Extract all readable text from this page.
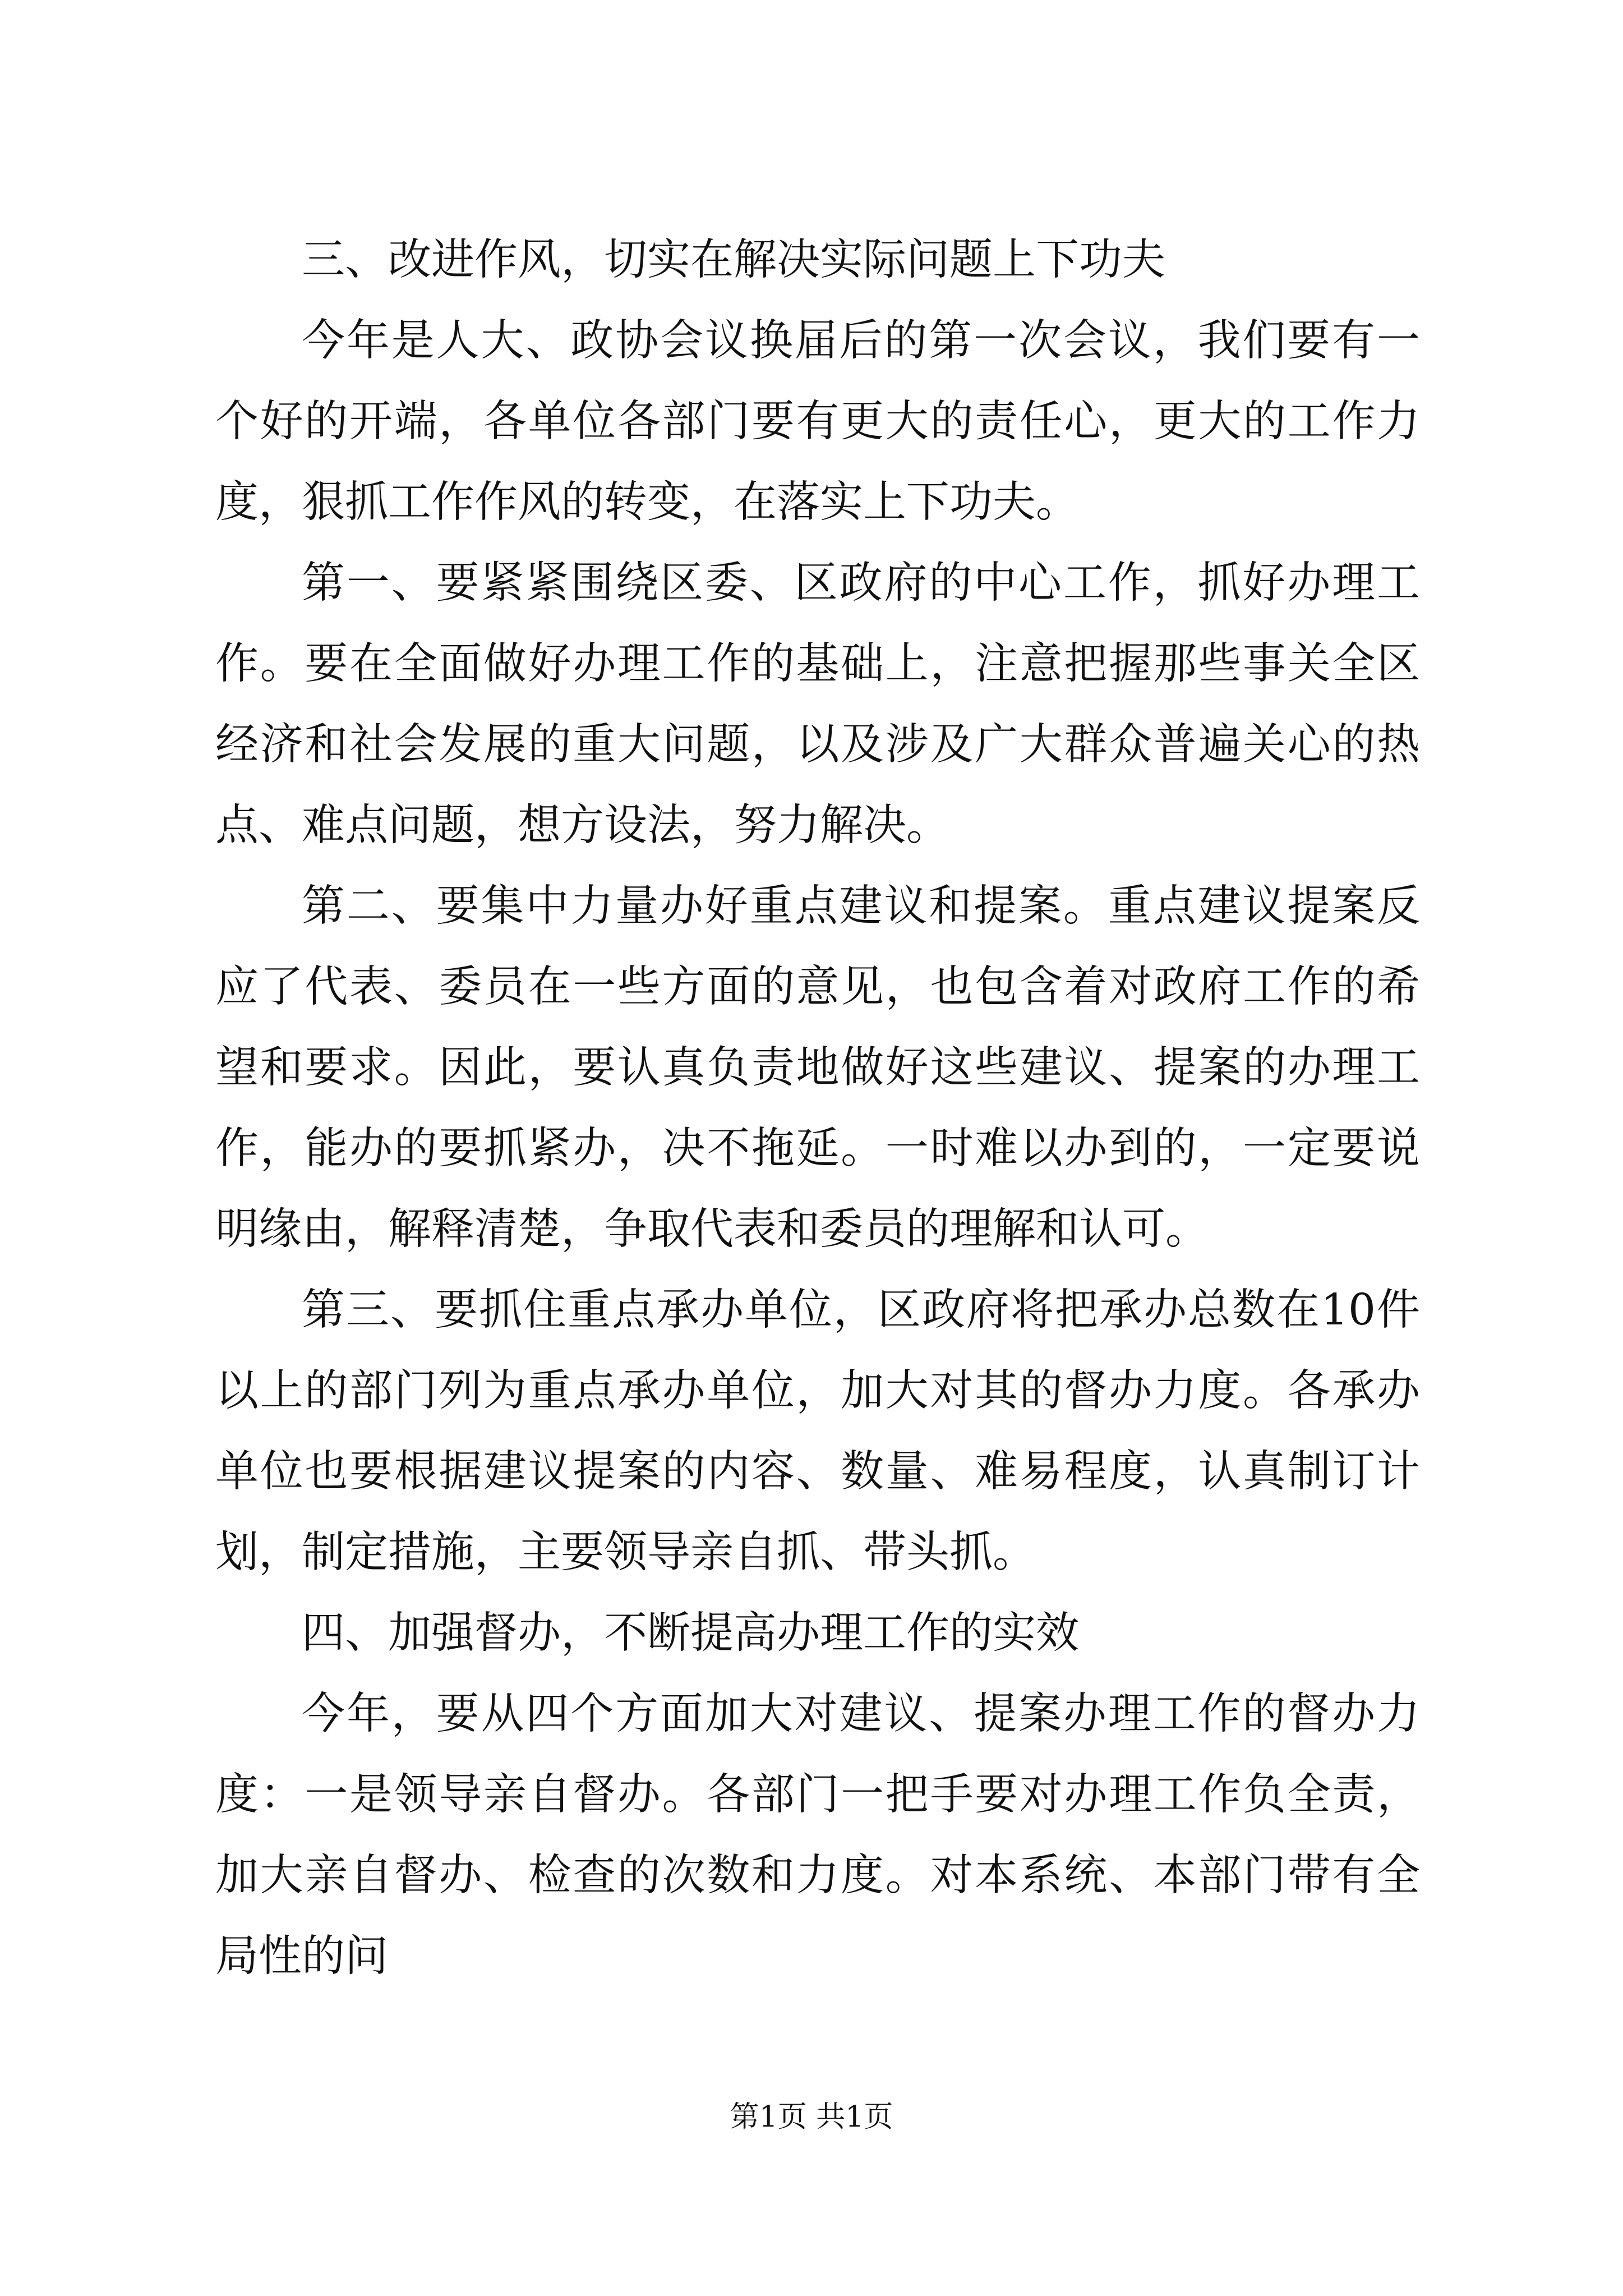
三、改进作风，切实在解决实际问题上下功夫

今年是人大、政协会议换届后的第一次会议，我们要有一个好的开端，各单位各部门要有更大的责任心，更大的工作力度，狠抓工作作风的转变，在落实上下功夫。

第一、要紧紧围绕区委、区政府的中心工作，抓好办理工作。要在全面做好办理工作的基础上，注意把握那些事关全区经济和社会发展的重大问题，以及涉及广大群众普遍关心的热点、难点问题，想方设法，努力解决。

第二、要集中力量办好重点建议和提案。重点建议提案反应了代表、委员在一些方面的意见，也包含着对政府工作的希望和要求。因此，要认真负责地做好这些建议、提案的办理工作，能办的要抓紧办，决不拖延。一时难以办到的，一定要说明缘由，解释清楚，争取代表和委员的理解和认可。

第三、要抓住重点承办单位，区政府将把承办总数在10件以上的部门列为重点承办单位，加大对其的督办力度。各承办单位也要根据建议提案的内容、数量、难易程度，认真制订计划，制定措施，主要领导亲自抓、带头抓。

四、加强督办，不断提高办理工作的实效

今年，要从四个方面加大对建议、提案办理工作的督办力度：一是领导亲自督办。各部门一把手要对办理工作负全责，加大亲自督办、检查的次数和力度。对本系统、本部门带有全局性的问

第1页 共1页
